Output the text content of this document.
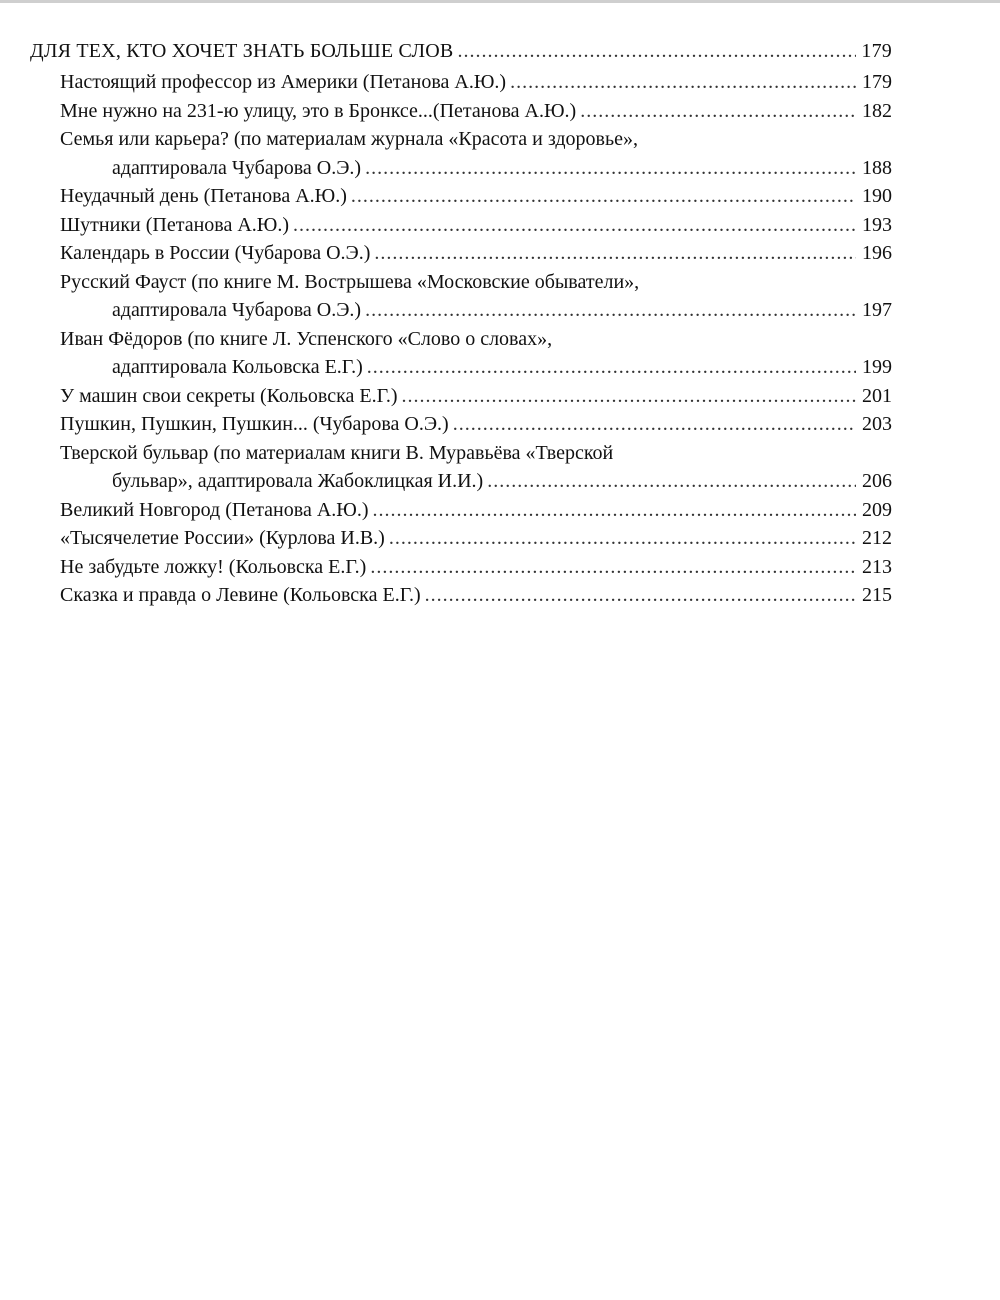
ДЛЯ ТЕХ, КТО ХОЧЕТ ЗНАТЬ БОЛЬШЕ СЛОВ .....	179
Настоящий профессор из Америки (Петанова А.Ю.) .....	179
Мне нужно на 231-ю улицу, это в Бронксе...(Петанова А.Ю.) .....	182
Семья или карьера? (по материалам журнала «Красота и здоровье»,
адаптировала Чубарова О.Э.) .....	188
Неудачный день (Петанова А.Ю.) .....	190
Шутники (Петанова А.Ю.) .....	193
Календарь в России (Чубарова О.Э.) .....	196
Русский Фауст (по книге М. Вострышева «Московские обыватели»,
адаптировала Чубарова О.Э.) .....	197
Иван Фёдоров (по книге Л. Успенского «Слово о словах»,
адаптировала Кольовска Е.Г.) .....	199
У машин свои секреты (Кольовска Е.Г.) .....	201
Пушкин, Пушкин, Пушкин... (Чубарова О.Э.) .....	203
Тверской бульвар (по материалам книги В. Муравьёва «Тверской
бульвар», адаптировала Жабоклицкая И.И.) .....	206
Великий Новгород (Петанова А.Ю.) .....	209
«Тысячелетие России» (Курлова И.В.) .....	212
Не забудьте ложку! (Кольовска Е.Г.) .....	213
Сказка и правда о Левине (Кольовска Е.Г.) .....	215
